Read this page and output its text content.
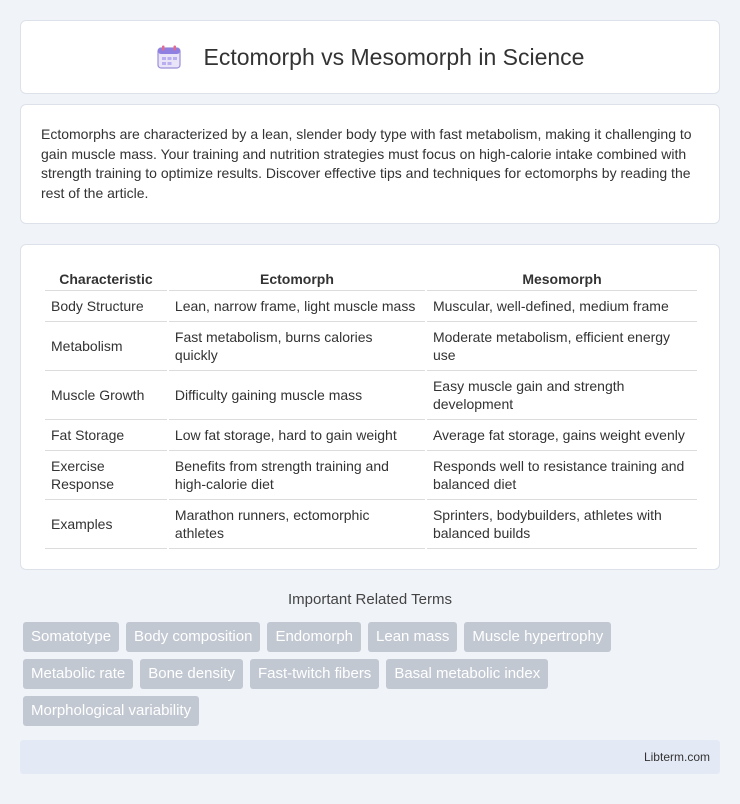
Ectomorph vs Mesomorph in Science

Ectomorphs are characterized by a lean, slender body type with fast metabolism, making it challenging to gain muscle mass. Your training and nutrition strategies must focus on high-calorie intake combined with strength training to optimize results. Discover effective tips and techniques for ectomorphs by reading the rest of the article.

Characteristic	Ectomorph	Mesomorph
Body Structure	Lean, narrow frame, light muscle mass	Muscular, well-defined, medium frame
Metabolism	Fast metabolism, burns calories quickly	Moderate metabolism, efficient energy use
Muscle Growth	Difficulty gaining muscle mass	Easy muscle gain and strength development
Fat Storage	Low fat storage, hard to gain weight	Average fat storage, gains weight evenly
Exercise Response	Benefits from strength training and high-calorie diet	Responds well to resistance training and balanced diet
Examples	Marathon runners, ectomorphic athletes	Sprinters, bodybuilders, athletes with balanced builds
Important Related Terms
Somatotype	Body composition	Endomorph	Lean mass	Muscle hypertrophy
Metabolic rate	Bone density	Fast-twitch fibers	Basal metabolic index
Morphological variability
Libterm.com
